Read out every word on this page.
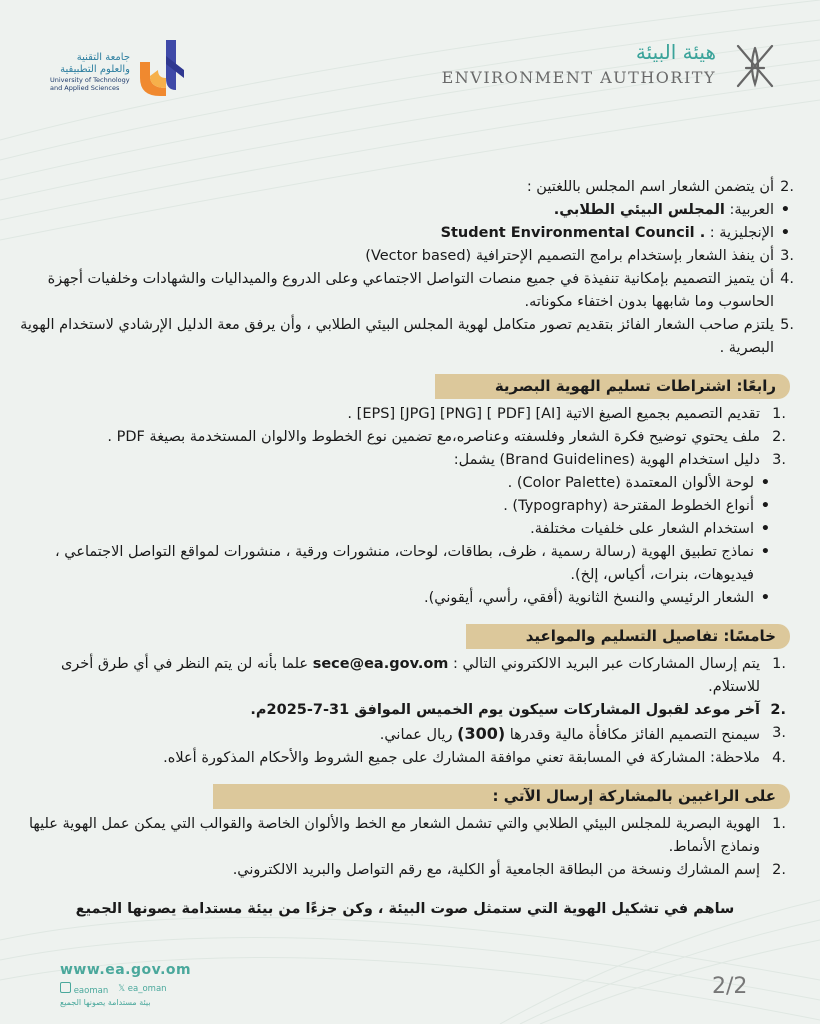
هيئة البيئة
ENVIRONMENT AUTHORITY
جامعة التقنية
والعلوم التطبيقية
University of Technology
and Applied Sciences
.2
أن يتضمن الشعار اسم المجلس باللغتين :
• العربية: المجلس البيئي الطلابي.
• الإنجليزية : Student Environmental Council .
.3
أن ينفذ الشعار بإستخدام برامج التصميم الإحترافية (Vector based)
.4
أن يتميز التصميم بإمكانية تنفيذة في جميع منصات التواصل الاجتماعي وعلى الدروع والميداليات والشهادات وخلفيات أجهزة الحاسوب وما شابهها بدون اختفاء مكوناته.
.5
يلتزم صاحب الشعار الفائز بتقديم تصور متكامل لهوية المجلس البيئي الطلابي ، وأن يرفق معة الدليل الإرشادي لاستخدام الهوية البصرية .
رابعًا: اشتراطات تسليم الهوية البصرية
.1
تقديم التصميم بجميع الصيغ الاتية [AI] [PDF ] [PNG] [JPG] [EPS] .
.2
ملف يحتوي توضيح فكرة الشعار وفلسفته وعناصره،مع تضمين نوع الخطوط والالوان المستخدمة بصيغة PDF .
.3
دليل استخدام الهوية (Brand Guidelines) يشمل:
• لوحة الألوان المعتمدة (Color Palette) .
• أنواع الخطوط المقترحة (Typography) .
• استخدام الشعار على خلفيات مختلفة.
• نماذج تطبيق الهوية (رسالة رسمية ، ظرف، بطاقات، لوحات، منشورات ورقية ، منشورات لمواقع التواصل الاجتماعي ، فيديوهات، بنرات، أكياس، إلخ).
• الشعار الرئيسي والنسخ الثانوية (أفقي، رأسي، أيقوني).
خامسًا: تفاصيل التسليم والمواعيد
.1
يتم إرسال المشاركات عبر البريد الالكتروني التالي : sece@ea.gov.om علما بأنه لن يتم النظر في أي طرق أخرى للاستلام.
.2
آخر موعد لقبول المشاركات سيكون يوم الخميس الموافق 31-7-2025م.
.3
سيمنح التصميم الفائز مكافأة مالية وقدرها (300) ريال عماني.
.4
ملاحظة: المشاركة في المسابقة تعني موافقة المشارك على جميع الشروط والأحكام المذكورة أعلاه.
على الراغبين بالمشاركة إرسال الآتي :
.1
الهوية البصرية للمجلس البيئي الطلابي والتي تشمل الشعار مع الخط والألوان الخاصة والقوالب التي يمكن عمل الهوية عليها ونماذج الأنماط.
.2
إسم المشارك ونسخة من البطاقة الجامعية أو الكلية، مع رقم التواصل والبريد الالكتروني.
ساهم في تشكيل الهوية التي ستمثل صوت البيئة ، وكن جزءًا من بيئة مستدامة يصونها الجميع
www.ea.gov.om
eaoman 𝕏 ea_oman
بيئة مستدامة يصونها الجميع
2/2
